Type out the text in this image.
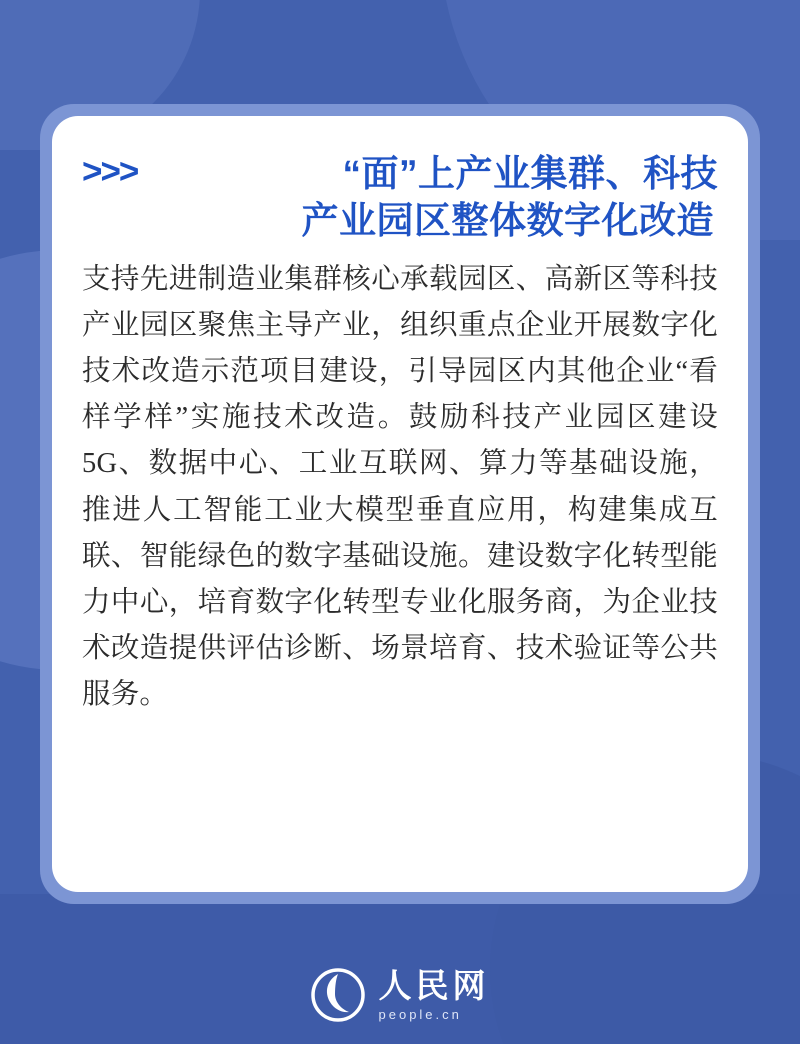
>>>	“面”上产业集群、科技
产业园区整体数字化改造

支持先进制造业集群核心承载园区、高新区等科技产业园区聚焦主导产业，组织重点企业开展数字化技术改造示范项目建设，引导园区内其他企业“看样学样”实施技术改造。鼓励科技产业园区建设5G、数据中心、工业互联网、算力等基础设施，推进人工智能工业大模型垂直应用，构建集成互联、智能绿色的数字基础设施。建设数字化转型能力中心，培育数字化转型专业化服务商，为企业技术改造提供评估诊断、场景培育、技术验证等公共服务。

人民网
people.cn
